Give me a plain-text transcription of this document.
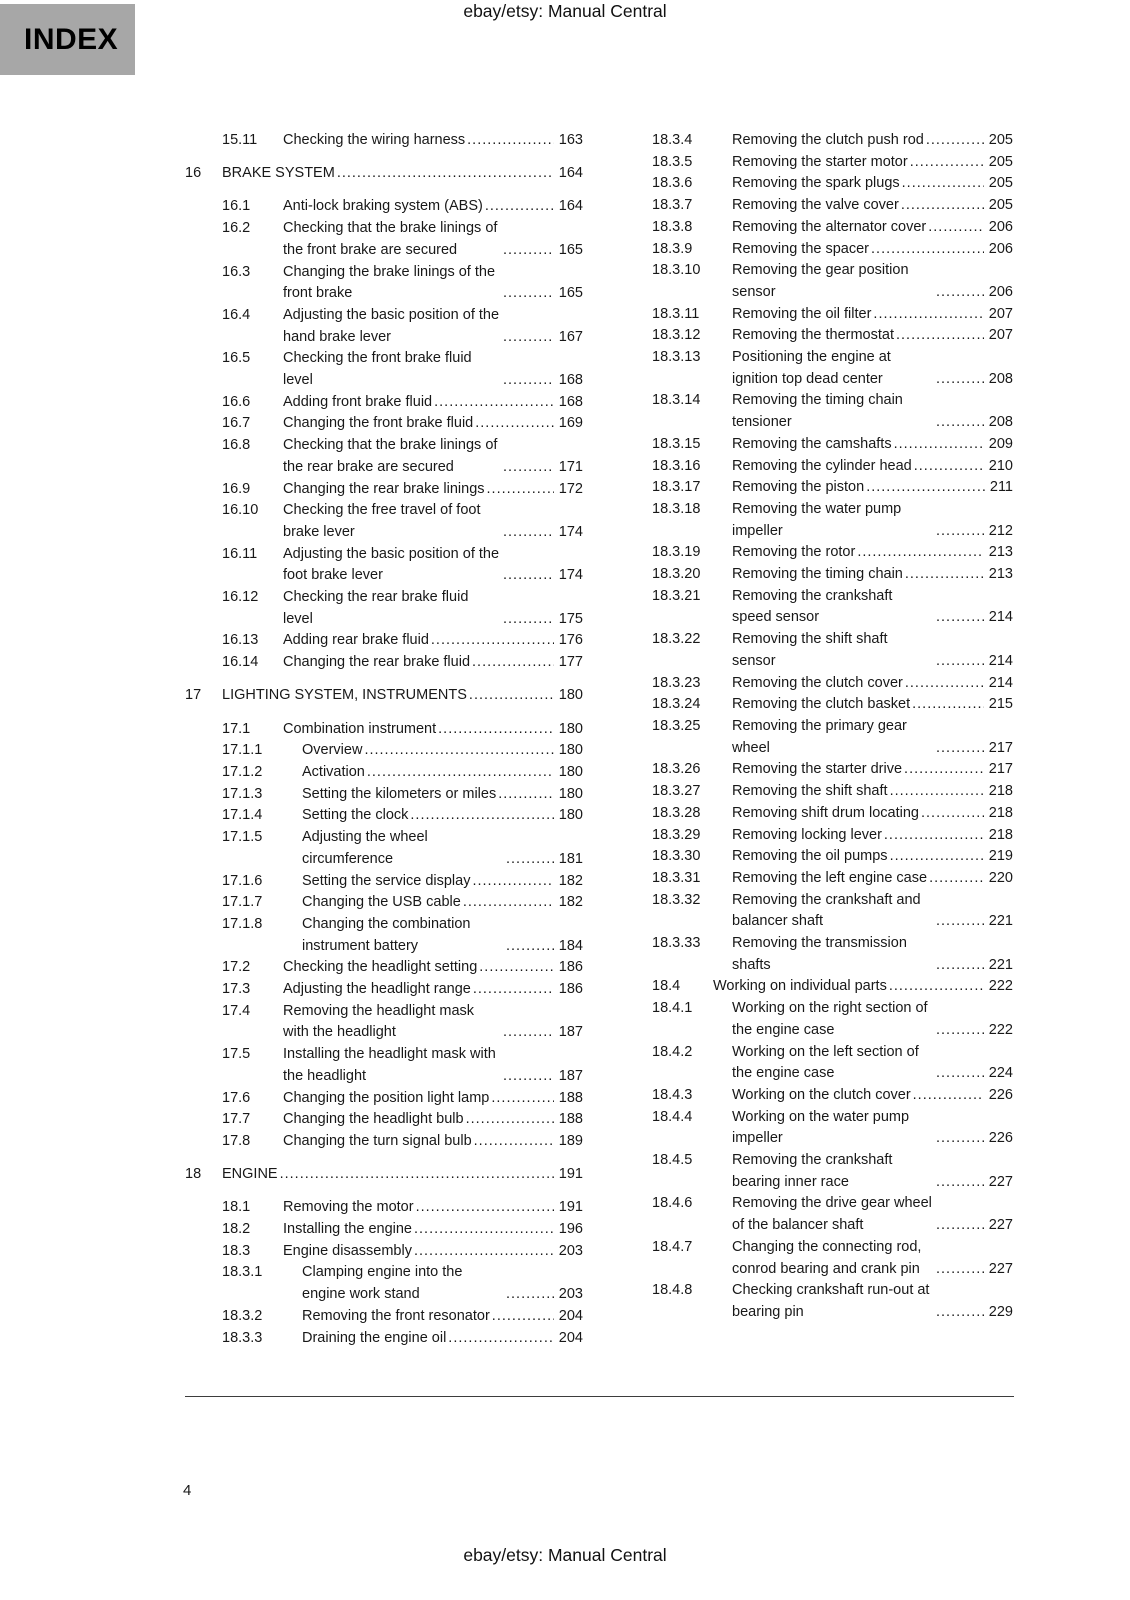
ebay/etsy: Manual Central
INDEX
15.11	Checking the wiring harness .....	163
16	BRAKE SYSTEM .....	164
16.1	Anti-lock braking system (ABS) .....	164
16.2	Checking that the brake linings of the front brake are secured .....	165
16.3	Changing the brake linings of the front brake .....	165
16.4	Adjusting the basic position of the hand brake lever .....	167
16.5	Checking the front brake fluid level .....	168
16.6	Adding front brake fluid .....	168
16.7	Changing the front brake fluid .....	169
16.8	Checking that the brake linings of the rear brake are secured .....	171
16.9	Changing the rear brake linings .....	172
16.10	Checking the free travel of foot brake lever .....	174
16.11	Adjusting the basic position of the foot brake lever .....	174
16.12	Checking the rear brake fluid level .....	175
16.13	Adding rear brake fluid .....	176
16.14	Changing the rear brake fluid .....	177
17	LIGHTING SYSTEM, INSTRUMENTS .....	180
17.1	Combination instrument .....	180
17.1.1	Overview .....	180
17.1.2	Activation .....	180
17.1.3	Setting the kilometers or miles .....	180
17.1.4	Setting the clock .....	180
17.1.5	Adjusting the wheel circumference .....	181
17.1.6	Setting the service display .....	182
17.1.7	Changing the USB cable .....	182
17.1.8	Changing the combination instrument battery .....	184
17.2	Checking the headlight setting .....	186
17.3	Adjusting the headlight range .....	186
17.4	Removing the headlight mask with the headlight .....	187
17.5	Installing the headlight mask with the headlight .....	187
17.6	Changing the position light lamp .....	188
17.7	Changing the headlight bulb .....	188
17.8	Changing the turn signal bulb .....	189
18	ENGINE .....	191
18.1	Removing the motor .....	191
18.2	Installing the engine .....	196
18.3	Engine disassembly .....	203
18.3.1	Clamping engine into the engine work stand .....	203
18.3.2	Removing the front resonator .....	204
18.3.3	Draining the engine oil .....	204
18.3.4	Removing the clutch push rod .....	205
18.3.5	Removing the starter motor .....	205
18.3.6	Removing the spark plugs .....	205
18.3.7	Removing the valve cover .....	205
18.3.8	Removing the alternator cover .....	206
18.3.9	Removing the spacer .....	206
18.3.10	Removing the gear position sensor .....	206
18.3.11	Removing the oil filter .....	207
18.3.12	Removing the thermostat .....	207
18.3.13	Positioning the engine at ignition top dead center .....	208
18.3.14	Removing the timing chain tensioner .....	208
18.3.15	Removing the camshafts .....	209
18.3.16	Removing the cylinder head .....	210
18.3.17	Removing the piston .....	211
18.3.18	Removing the water pump impeller .....	212
18.3.19	Removing the rotor .....	213
18.3.20	Removing the timing chain .....	213
18.3.21	Removing the crankshaft speed sensor .....	214
18.3.22	Removing the shift shaft sensor .....	214
18.3.23	Removing the clutch cover .....	214
18.3.24	Removing the clutch basket .....	215
18.3.25	Removing the primary gear wheel .....	217
18.3.26	Removing the starter drive .....	217
18.3.27	Removing the shift shaft .....	218
18.3.28	Removing shift drum locating .....	218
18.3.29	Removing locking lever .....	218
18.3.30	Removing the oil pumps .....	219
18.3.31	Removing the left engine case .....	220
18.3.32	Removing the crankshaft and balancer shaft .....	221
18.3.33	Removing the transmission shafts .....	221
18.4	Working on individual parts .....	222
18.4.1	Working on the right section of the engine case .....	222
18.4.2	Working on the left section of the engine case .....	224
18.4.3	Working on the clutch cover .....	226
18.4.4	Working on the water pump impeller .....	226
18.4.5	Removing the crankshaft bearing inner race .....	227
18.4.6	Removing the drive gear wheel of the balancer shaft .....	227
18.4.7	Changing the connecting rod, conrod bearing and crank pin .....	227
18.4.8	Checking crankshaft run-out at bearing pin .....	229
4
ebay/etsy: Manual Central
